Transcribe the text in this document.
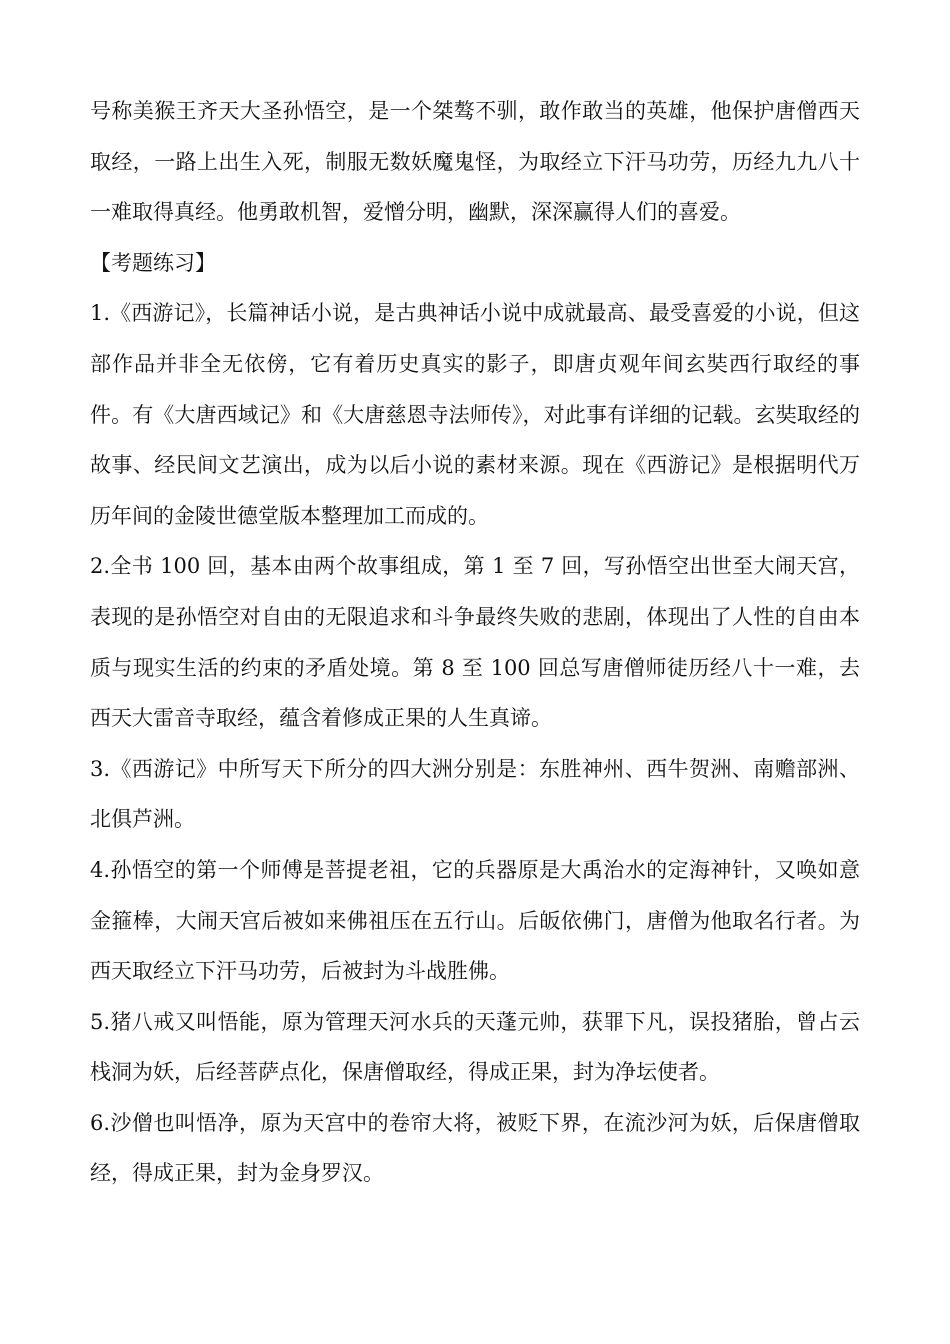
号称美猴王齐天大圣孙悟空，是一个桀骜不驯，敢作敢当的英雄，他保护唐僧西天取经，一路上出生入死，制服无数妖魔鬼怪，为取经立下汗马功劳，历经九九八十一难取得真经。他勇敢机智，爱憎分明，幽默，深深赢得人们的喜爱。

【考题练习】

1.《西游记》，长篇神话小说，是古典神话小说中成就最高、最受喜爱的小说，但这部作品并非全无依傍，它有着历史真实的影子，即唐贞观年间玄奘西行取经的事件。有《大唐西域记》和《大唐慈恩寺法师传》，对此事有详细的记载。玄奘取经的故事、经民间文艺演出，成为以后小说的素材来源。现在《西游记》是根据明代万历年间的金陵世德堂版本整理加工而成的。

2.全书 100 回，基本由两个故事组成，第 1 至 7 回，写孙悟空出世至大闹天宫，表现的是孙悟空对自由的无限追求和斗争最终失败的悲剧，体现出了人性的自由本质与现实生活的约束的矛盾处境。第 8 至 100 回总写唐僧师徒历经八十一难，去西天大雷音寺取经，蕴含着修成正果的人生真谛。

3.《西游记》中所写天下所分的四大洲分别是：东胜神州、西牛贺洲、南赡部洲、北俱芦洲。

4.孙悟空的第一个师傅是菩提老祖，它的兵器原是大禹治水的定海神针，又唤如意金箍棒，大闹天宫后被如来佛祖压在五行山。后皈依佛门，唐僧为他取名行者。为西天取经立下汗马功劳，后被封为斗战胜佛。

5.猪八戒又叫悟能，原为管理天河水兵的天蓬元帅，获罪下凡，误投猪胎，曾占云栈洞为妖，后经菩萨点化，保唐僧取经，得成正果，封为净坛使者。

6.沙僧也叫悟净，原为天宫中的卷帘大将，被贬下界，在流沙河为妖，后保唐僧取经，得成正果，封为金身罗汉。
